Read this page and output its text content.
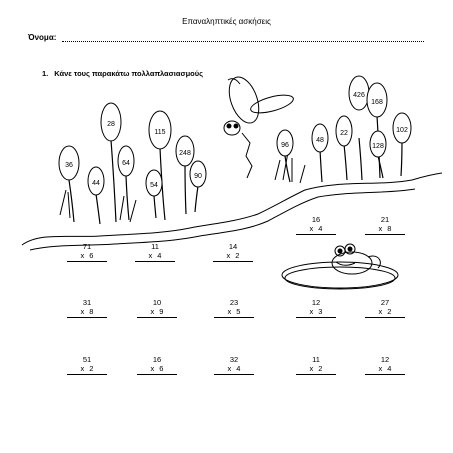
Επαναληπτικές ασκήσεις
Όνομα:
1. Κάνε τους παρακάτω πολλαπλασιασμούς
36
44
28
64
115
54
248
90
96
48
22
426
168
128
102
16
x 4
21
x 8
71
x 6
11
x 4
14
x 2
31
x 8
10
x 9
23
x 5
12
x 3
27
x 2
51
x 2
16
x 6
32
x 4
11
x 2
12
x 4
